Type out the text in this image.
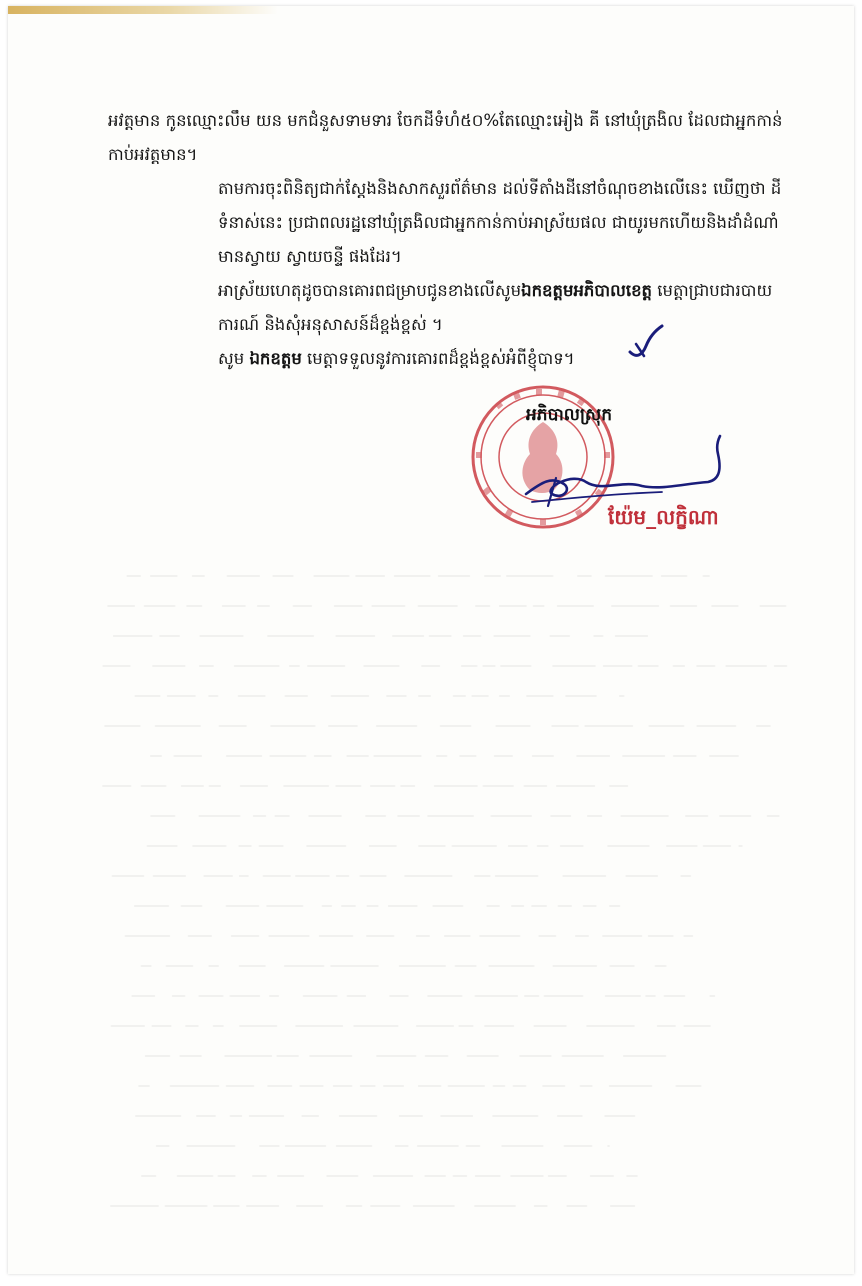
អវត្តមាន កូនឈ្មោះលឹម យន មកជំនួសទាមទារ ចែកដីទំហំ៥០%តែឈ្មោះអៀង គី នៅឃុំត្រងិល ដែលជាអ្នកកាន់កាប់អវត្តមាន។

តាមការចុះពិនិត្យជាក់ស្តែងនិងសាកសួរព័ត៌មាន ដល់ទីតាំងដីនៅចំណុចខាងលើនេះ ឃើញថា ដីទំនាស់នេះ ប្រជាពលរដ្ឋនៅឃុំត្រងិលជាអ្នកកាន់កាប់អាស្រ័យផល ជាយូរមកហើយនិងដាំដំណាំ មានស្វាយ ស្វាយចន្ទី ផងដែរ។

អាស្រ័យហេតុដូចបានគោរពជម្រាបជូនខាងលើសូមឯកឧត្តមអភិបាលខេត្ត មេត្តាជ្រាបជារបាយការណ៍ និងសុំអនុសាសន៍ដ៏ខ្ពង់ខ្ពស់ ។

សូម ឯកឧត្តម មេត្តាទទួលនូវការគោរពដ៏ខ្ពង់ខ្ពស់អំពីខ្ញុំបាទ។

អភិបាលស្រុក
យ៉ែម_លក្ខិណា
